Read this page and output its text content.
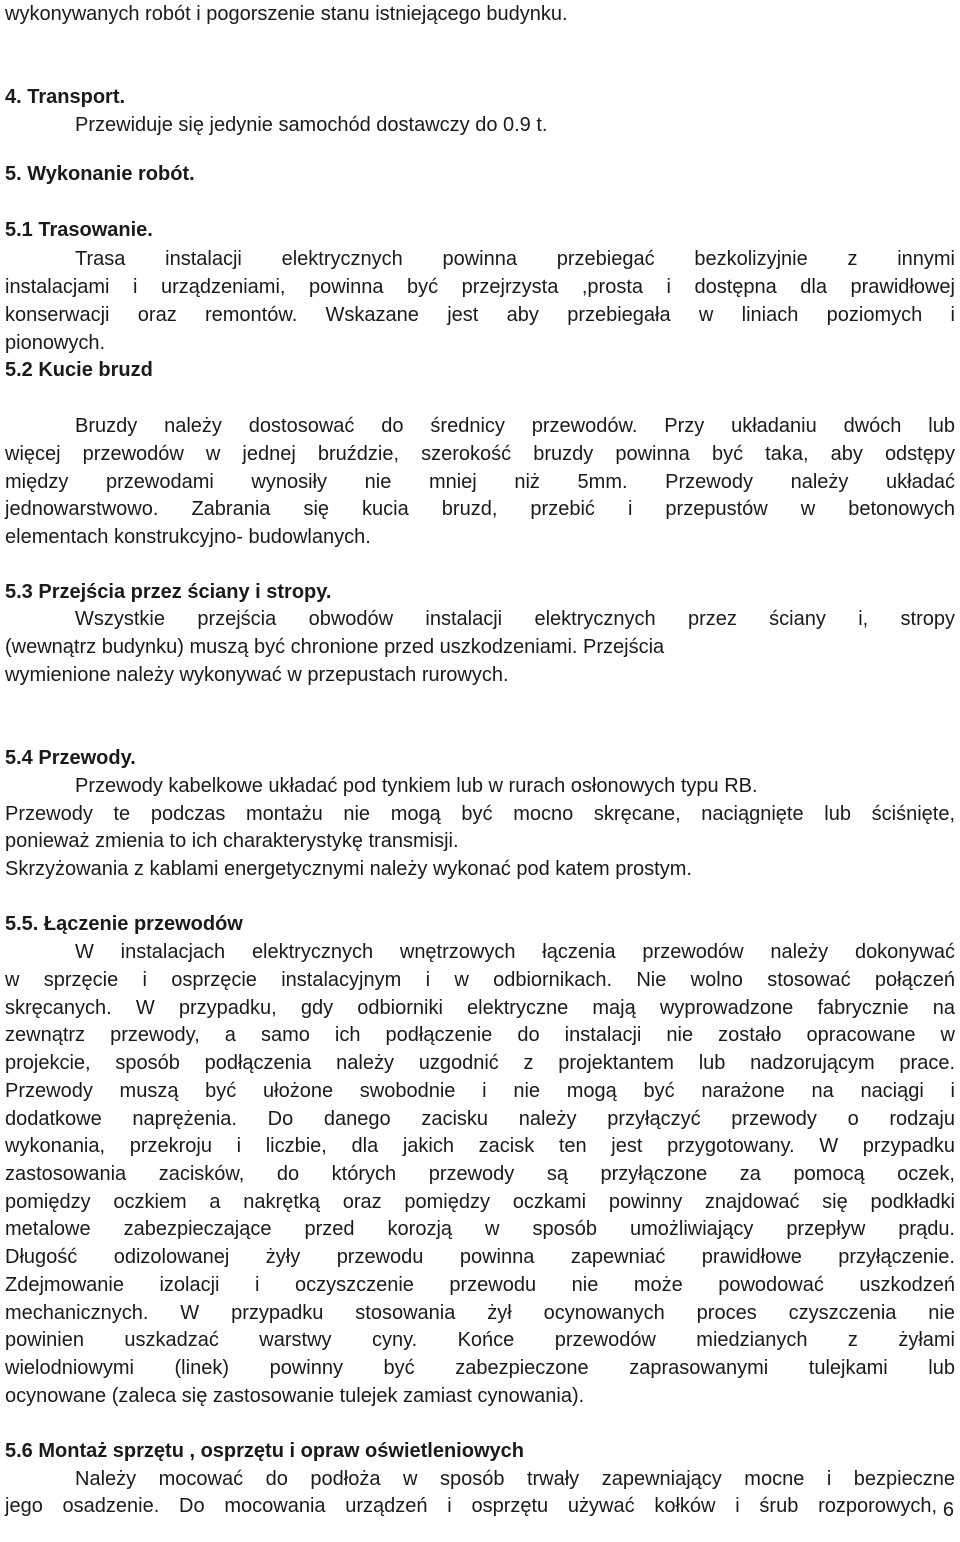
wykonywanych robót i pogorszenie stanu istniejącego budynku.
4. Transport.
Przewiduje się jedynie samochód dostawczy do 0.9 t.
5. Wykonanie robót.
5.1 Trasowanie.
Trasa instalacji elektrycznych powinna przebiegać bezkolizyjnie z innymi
instalacjami i urządzeniami, powinna być przejrzysta ,prosta i dostępna dla prawidłowej
konserwacji oraz remontów. Wskazane jest aby przebiegała w liniach poziomych i
pionowych.
5.2 Kucie bruzd
Bruzdy należy dostosować do średnicy przewodów. Przy układaniu dwóch lub
więcej przewodów w jednej bruździe, szerokość bruzdy powinna być taka, aby odstępy
między przewodami wynosiły nie mniej niż 5mm. Przewody należy układać
jednowarstwowo. Zabrania się kucia bruzd, przebić i przepustów w betonowych
elementach konstrukcyjno- budowlanych.
5.3 Przejścia przez ściany i stropy.
Wszystkie przejścia obwodów instalacji elektrycznych przez ściany i, stropy
(wewnątrz budynku) muszą być chronione przed uszkodzeniami. Przejścia
wymienione należy wykonywać w przepustach rurowych.
5.4 Przewody.
Przewody kabelkowe układać pod tynkiem lub w rurach osłonowych typu RB.
Przewody te podczas montażu nie mogą być mocno skręcane, naciągnięte lub ściśnięte,
ponieważ zmienia to ich charakterystykę transmisji.
Skrzyżowania z kablami energetycznymi należy wykonać pod katem prostym.
5.5. Łączenie przewodów
W instalacjach elektrycznych wnętrzowych łączenia przewodów należy dokonywać
w sprzęcie i osprzęcie instalacyjnym i w odbiornikach. Nie wolno stosować połączeń
skręcanych. W przypadku, gdy odbiorniki elektryczne mają wyprowadzone fabrycznie na
zewnątrz przewody, a samo ich podłączenie do instalacji nie zostało opracowane w
projekcie, sposób podłączenia należy uzgodnić z projektantem lub nadzorującym prace.
Przewody muszą być ułożone swobodnie i nie mogą być narażone na naciągi i
dodatkowe naprężenia. Do danego zacisku należy przyłączyć przewody o rodzaju
wykonania, przekroju i liczbie, dla jakich zacisk ten jest przygotowany. W przypadku
zastosowania zacisków, do których przewody są przyłączone za pomocą oczek,
pomiędzy oczkiem a nakrętką oraz pomiędzy oczkami powinny znajdować się podkładki
metalowe zabezpieczające przed korozją w sposób umożliwiający przepływ prądu.
Długość odizolowanej żyły przewodu powinna zapewniać prawidłowe przyłączenie.
Zdejmowanie izolacji i oczyszczenie przewodu nie może powodować uszkodzeń
mechanicznych. W przypadku stosowania żył ocynowanych proces czyszczenia nie
powinien uszkadzać warstwy cyny. Końce przewodów miedzianych z żyłami
wielodniowymi (linek) powinny być zabezpieczone zaprasowanymi tulejkami lub
ocynowane (zaleca się zastosowanie tulejek zamiast cynowania).
5.6 Montaż sprzętu , osprzętu i opraw oświetleniowych
Należy mocować do podłoża w sposób trwały zapewniający mocne i bezpieczne
jego osadzenie. Do mocowania urządzeń i osprzętu używać kołków i śrub rozporowych, 6
